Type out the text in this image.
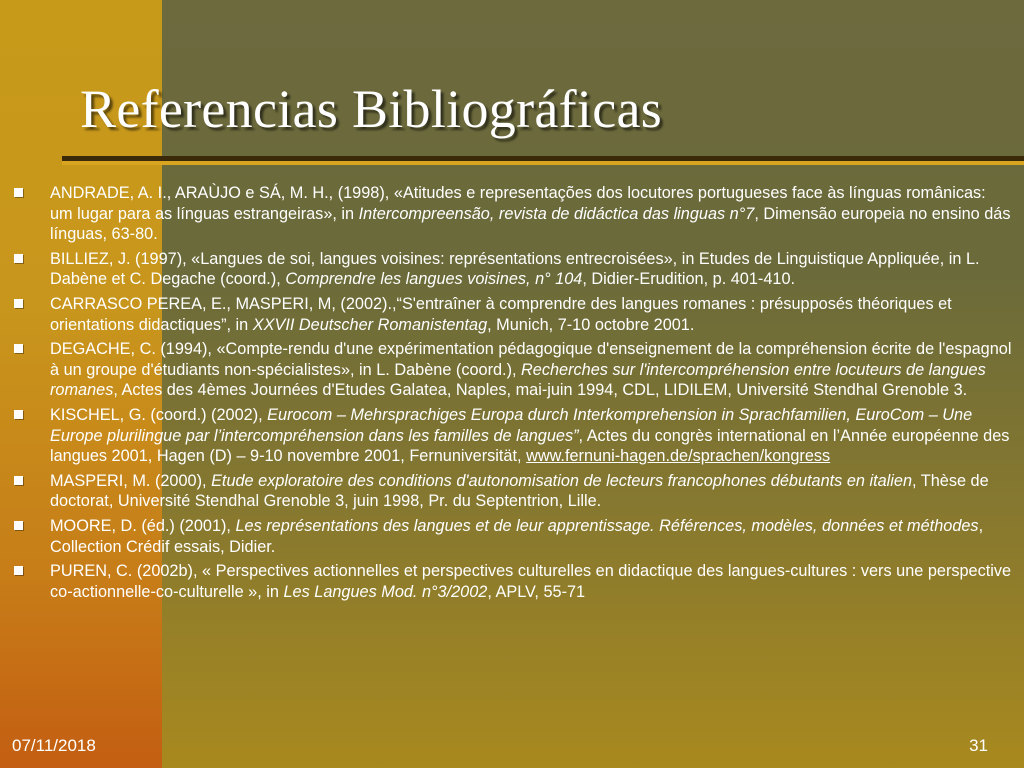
Referencias Bibliográficas
ANDRADE, A. I., ARAÙJO e SÁ, M. H., (1998), «Atitudes e representações dos locutores portugueses face às línguas românicas: um lugar para as línguas estrangeiras», in Intercompreensão, revista de didáctica das linguas n°7, Dimensão europeia no ensino dás línguas, 63-80.
BILLIEZ, J. (1997), «Langues de soi, langues voisines: représentations entrecroisées», in Etudes de Linguistique Appliquée, in L. Dabène et C. Degache (coord.), Comprendre les langues voisines, n° 104, Didier-Erudition, p. 401-410.
CARRASCO PEREA, E., MASPERI, M, (2002).,“S'entraîner à comprendre des langues romanes : présupposés théoriques et orientations didactiques”, in XXVII Deutscher Romanistentag, Munich, 7-10 octobre 2001.
DEGACHE, C. (1994), «Compte-rendu d'une expérimentation pédagogique d'enseignement de la compréhension écrite de l'espagnol à un groupe d'étudiants non-spécialistes», in L. Dabène (coord.), Recherches sur l'intercompréhension entre locuteurs de langues romanes, Actes des 4èmes Journées d'Etudes Galatea, Naples, mai-juin 1994, CDL, LIDILEM, Université Stendhal Grenoble 3.
KISCHEL, G. (coord.) (2002), Eurocom – Mehrsprachiges Europa durch Interkomprehension in Sprachfamilien, EuroCom – Une Europe plurilingue par l’intercompréhension dans les familles de langues”, Actes du congrès international en l’Année européenne des langues 2001, Hagen (D) – 9-10 novembre 2001, Fernuniversität, www.fernuni-hagen.de/sprachen/kongress
MASPERI, M. (2000), Etude exploratoire des conditions d'autonomisation de lecteurs francophones débutants en italien, Thèse de doctorat, Université Stendhal Grenoble 3, juin 1998, Pr. du Septentrion, Lille.
MOORE, D. (éd.) (2001), Les représentations des langues et de leur apprentissage. Références, modèles, données et méthodes, Collection Crédif essais, Didier.
PUREN, C. (2002b), « Perspectives actionnelles et perspectives culturelles en didactique des langues-cultures : vers une perspective co-actionnelle-co-culturelle », in Les Langues Mod. n°3/2002, APLV, 55-71
07/11/2018	31
